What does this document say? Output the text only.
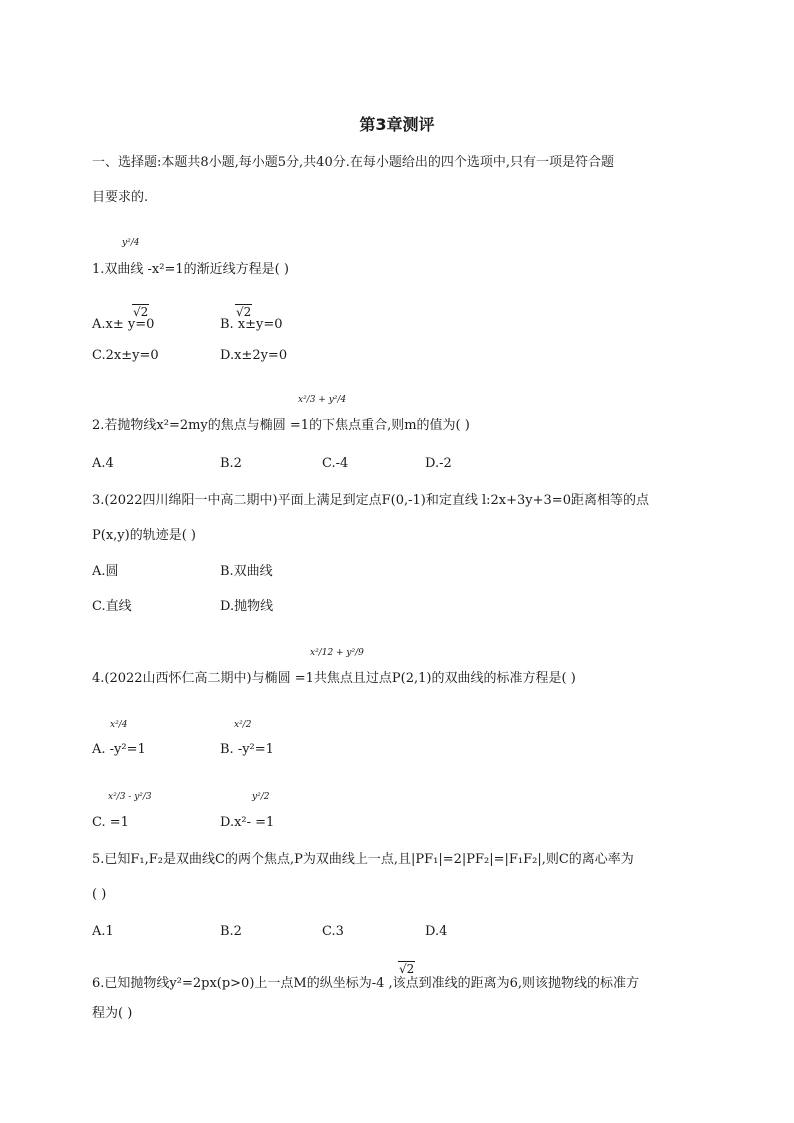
第3章测评
一、选择题:本题共8小题,每小题5分,共40分.在每小题给出的四个选项中,只有一项是符合题
目要求的.
y²/4
1.双曲线 -x²=1的渐近线方程是( )
√2
A.x± y=0
√2
B. x±y=0
C.2x±y=0	D.x±2y=0
x²/3 + y²/4
2.若抛物线x²=2my的焦点与椭圆 =1的下焦点重合,则m的值为( )
A.4	B.2	C.-4	D.-2
3.(2022四川绵阳一中高二期中)平面上满足到定点F(0,-1)和定直线 l:2x+3y+3=0距离相等的点
P(x,y)的轨迹是( )
A.圆	B.双曲线
C.直线	D.抛物线
x²/12 + y²/9
4.(2022山西怀仁高二期中)与椭圆 =1共焦点且过点P(2,1)的双曲线的标准方程是( )
x²/4
A. -y²=1
x²/2
B. -y²=1
x²/3 - y²/3
C. =1
y²/2
D.x²- =1
5.已知F₁,F₂是双曲线C的两个焦点,P为双曲线上一点,且|PF₁|=2|PF₂|=|F₁F₂|,则C的离心率为
( )
A.1	B.2	C.3	D.4
√2
6.已知抛物线y²=2px(p>0)上一点M的纵坐标为-4 ,该点到准线的距离为6,则该抛物线的标准方
程为( )
